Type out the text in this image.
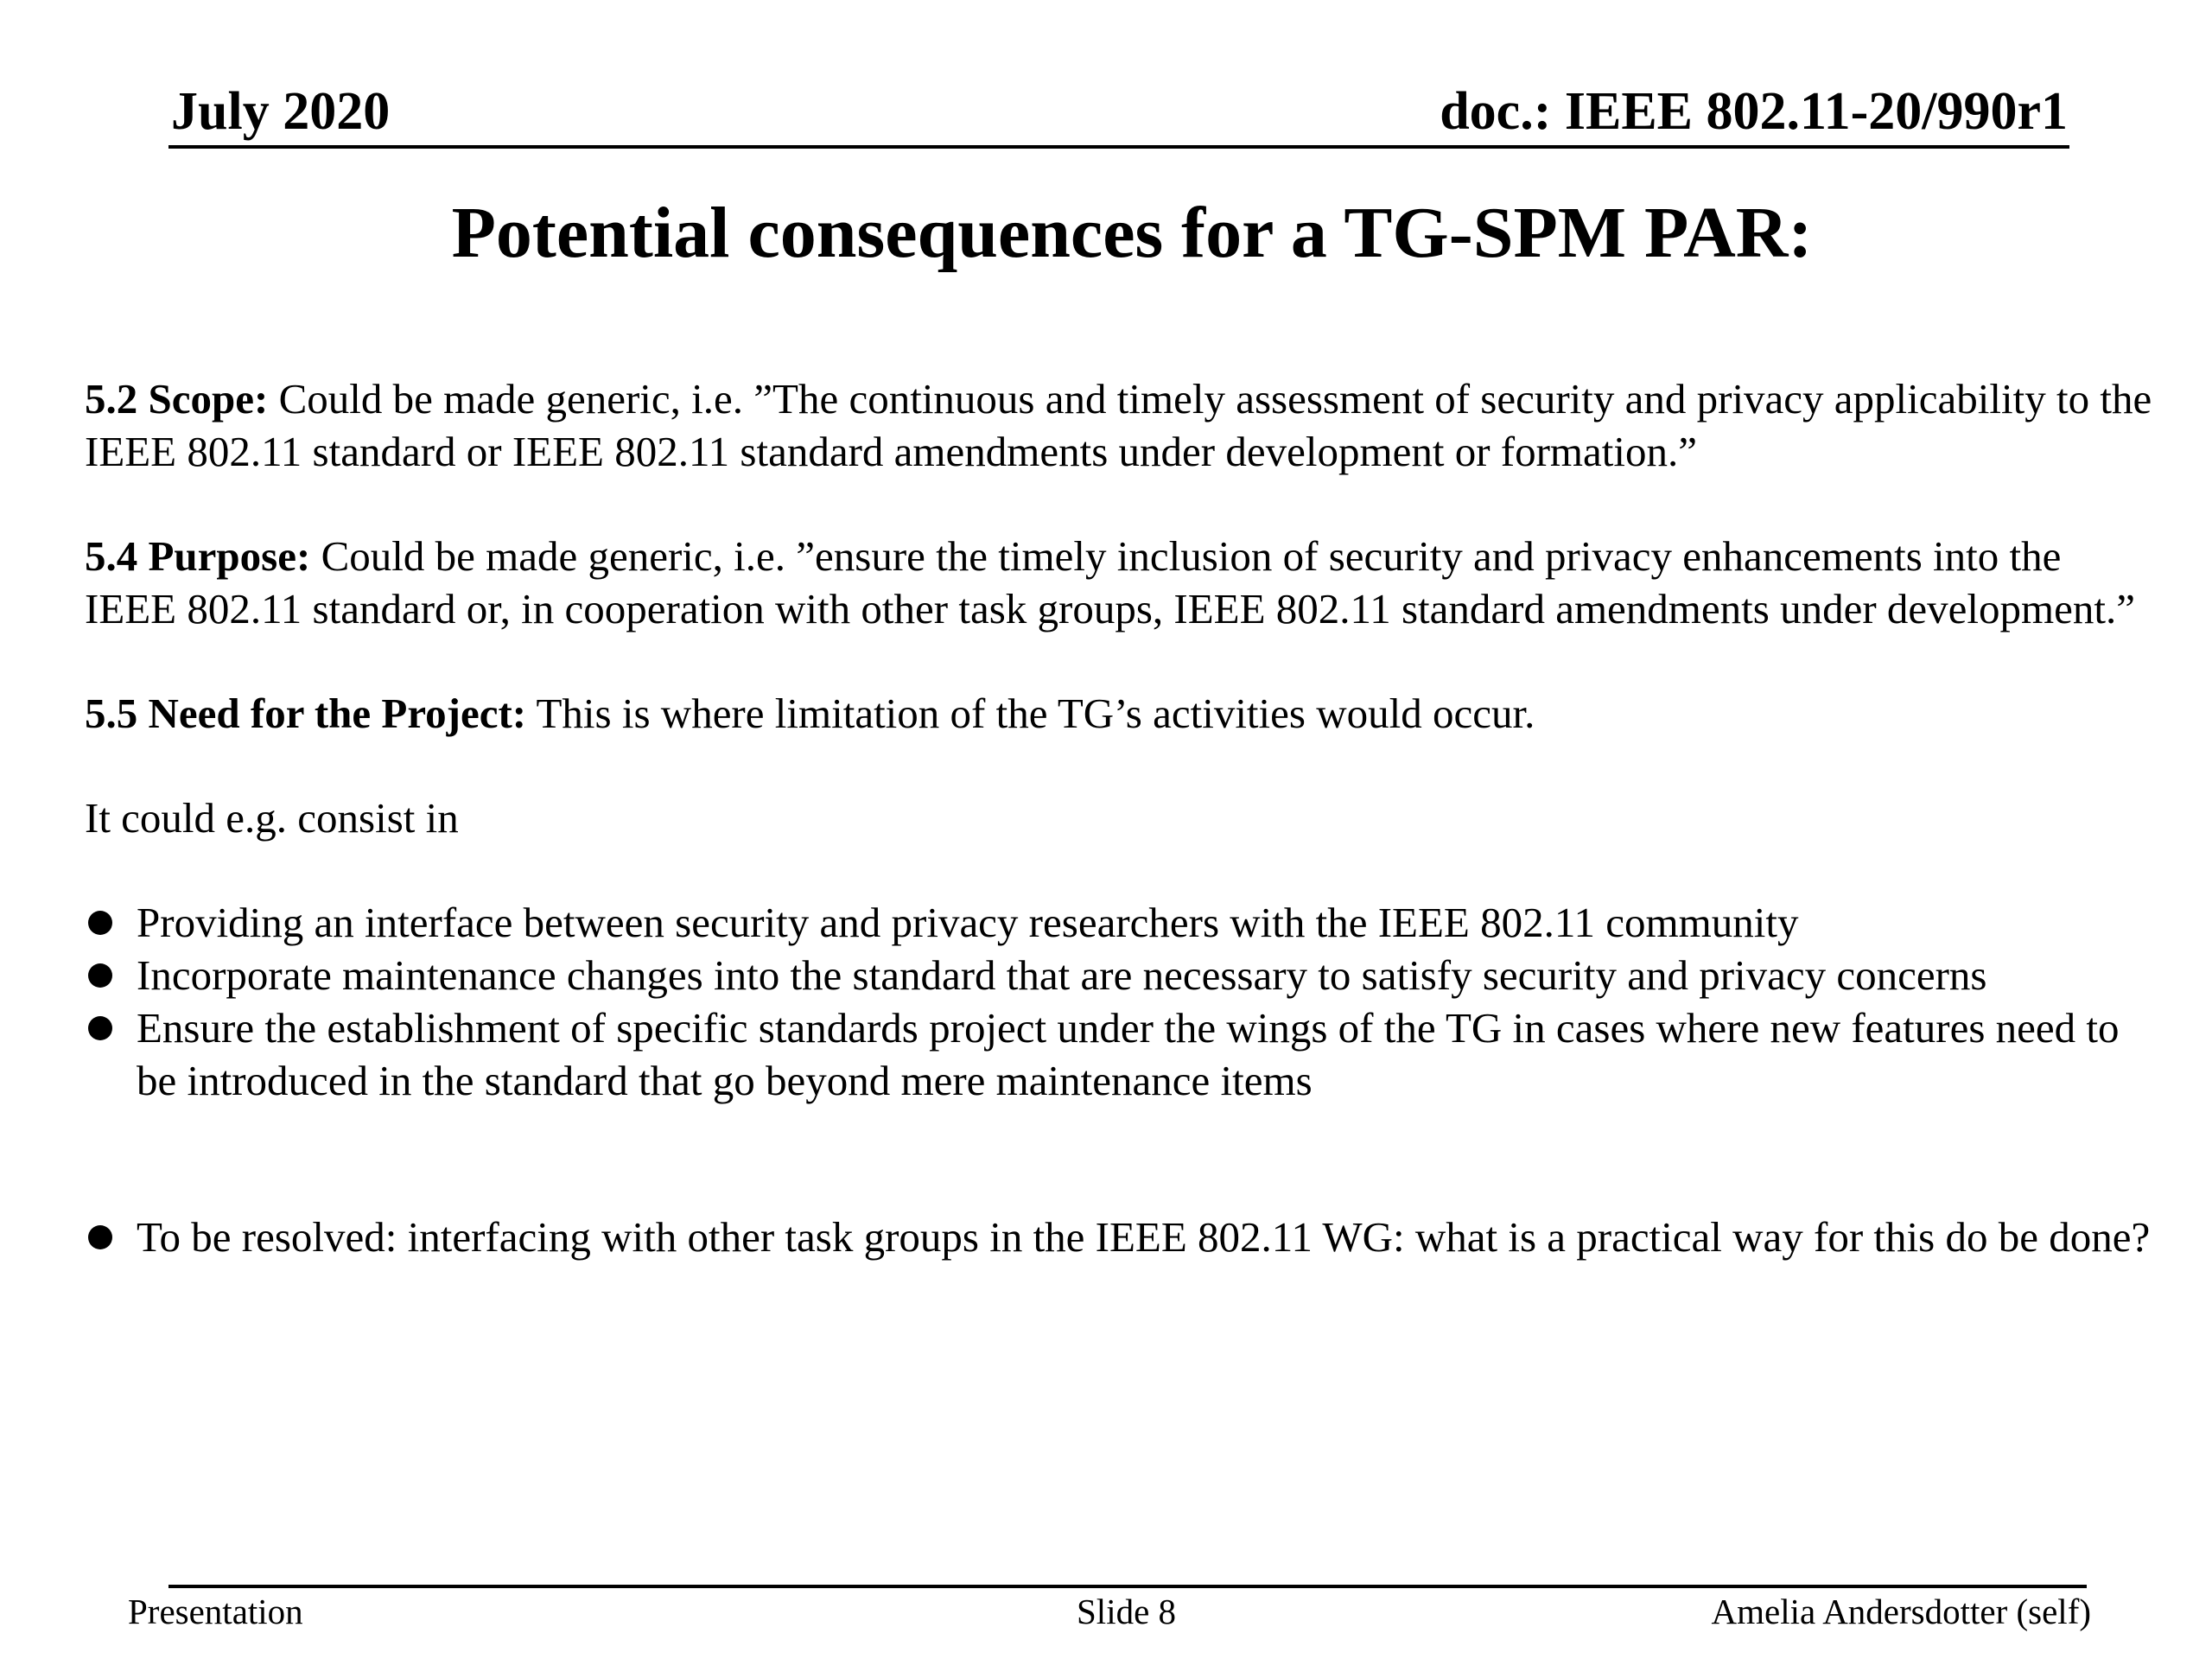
July 2020	doc.: IEEE 802.11-20/990r1
Potential consequences for a TG-SPM PAR:

5.2 Scope: Could be made generic, i.e. ”The continuous and timely assessment of security and privacy applicability to the IEEE 802.11 standard or IEEE 802.11 standard amendments under development or formation.”

5.4 Purpose: Could be made generic, i.e. ”ensure the timely inclusion of security and privacy enhancements into the IEEE 802.11 standard or, in cooperation with other task groups, IEEE 802.11 standard amendments under development.”

5.5 Need for the Project: This is where limitation of the TG’s activities would occur.

It could e.g. consist in

Providing an interface between security and privacy researchers with the IEEE 802.11 community
Incorporate maintenance changes into the standard that are necessary to satisfy security and privacy concerns
Ensure the establishment of specific standards project under the wings of the TG in cases where new features need to be introduced in the standard that go beyond mere maintenance items
To be resolved: interfacing with other task groups in the IEEE 802.11 WG: what is a practical way for this do be done?
Presentation	Slide 8	Amelia Andersdotter (self)
